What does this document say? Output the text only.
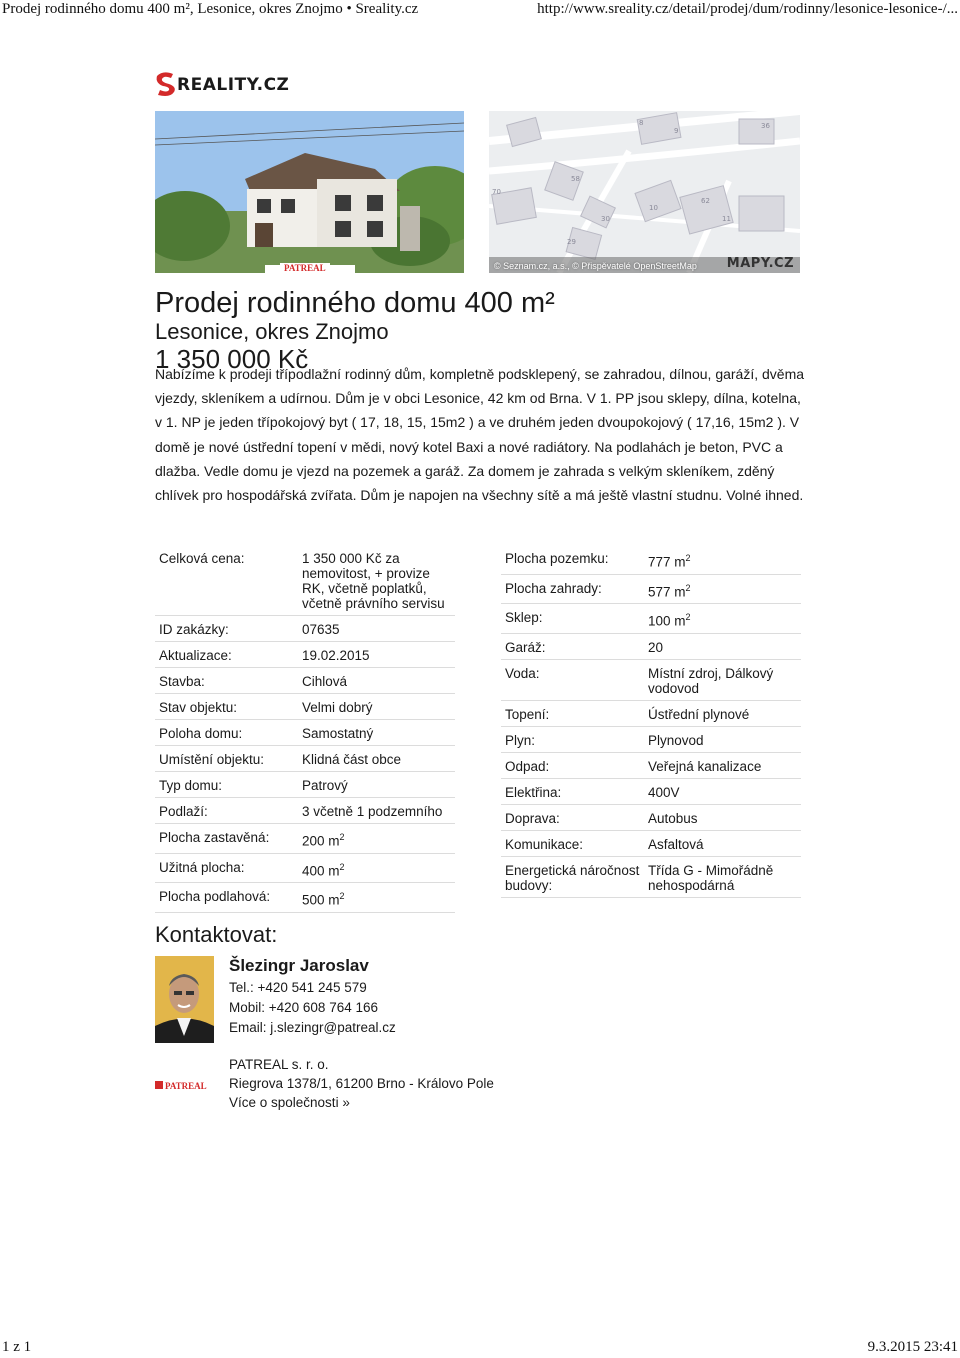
Prodej rodinného domu 400 m², Lesonice, okres Znojmo • Sreality.cz	http://www.sreality.cz/detail/prodej/dum/rodinny/lesonice-lesonice-/...
REALITY.CZ
PATREAL
8
9
36
58
70
10
62
30	11
29
© Seznam.cz, a.s., © Přispěvatelé OpenStreetMap MAPY.CZ
Prodej rodinného domu 400 m²
Lesonice, okres Znojmo
1 350 000 Kč

Nabízíme k prodeji třípodlažní rodinný dům, kompletně podsklepený, se zahradou, dílnou, garáží, dvěma vjezdy, skleníkem a udírnou. Dům je v obci Lesonice, 42 km od Brna. V 1. PP jsou sklepy, dílna, kotelna, v 1. NP je jeden třípokojový byt ( 17, 18, 15, 15m2 ) a ve druhém jeden dvoupokojový ( 17,16, 15m2 ). V domě je nové ústřední topení v mědi, nový kotel Baxi a nové radiátory. Na podlahách je beton, PVC a dlažba. Vedle domu je vjezd na pozemek a garáž. Za domem je zahrada s velkým skleníkem, zděný chlívek pro hospodářská zvířata. Dům je napojen na všechny sítě a má ještě vlastní studnu. Volné ihned.

Celková cena:	1 350 000 Kč za nemovitost, + provize RK, včetně poplatků, včetně právního servisu
ID zakázky:	07635
Aktualizace:	19.02.2015
Stavba:	Cihlová
Stav objektu:	Velmi dobrý
Poloha domu:	Samostatný
Umístění objektu:	Klidná část obce
Typ domu:	Patrový
Podlaží:	3 včetně 1 podzemního
Plocha zastavěná:	200 $m^2$
Užitná plocha:	400 $m^2$
Plocha podlahová:	500 $m^2$
Plocha pozemku:	777 $m^2$
Plocha zahrady:	577 $m^2$
Sklep:	100 $m^2$
Garáž:	20
Voda:	Místní zdroj, Dálkový vodovod
Topení:	Ústřední plynové
Plyn:	Plynovod
Odpad:	Veřejná kanalizace
Elektřina:	400V
Doprava:	Autobus
Komunikace:	Asfaltová
Energetická náročnost budovy:	Třída G - Mimořádně nehospodárná
Kontaktovat:
Šlezingr Jaroslav
Tel.: +420 541 245 579
Mobil: +420 608 764 166
Email: j.slezingr@patreal.cz
PATREAL
PATREAL s. r. o.
Riegrova 1378/1, 61200 Brno - Královo Pole
Více o společnosti »
1 z 1	9.3.2015 23:41
